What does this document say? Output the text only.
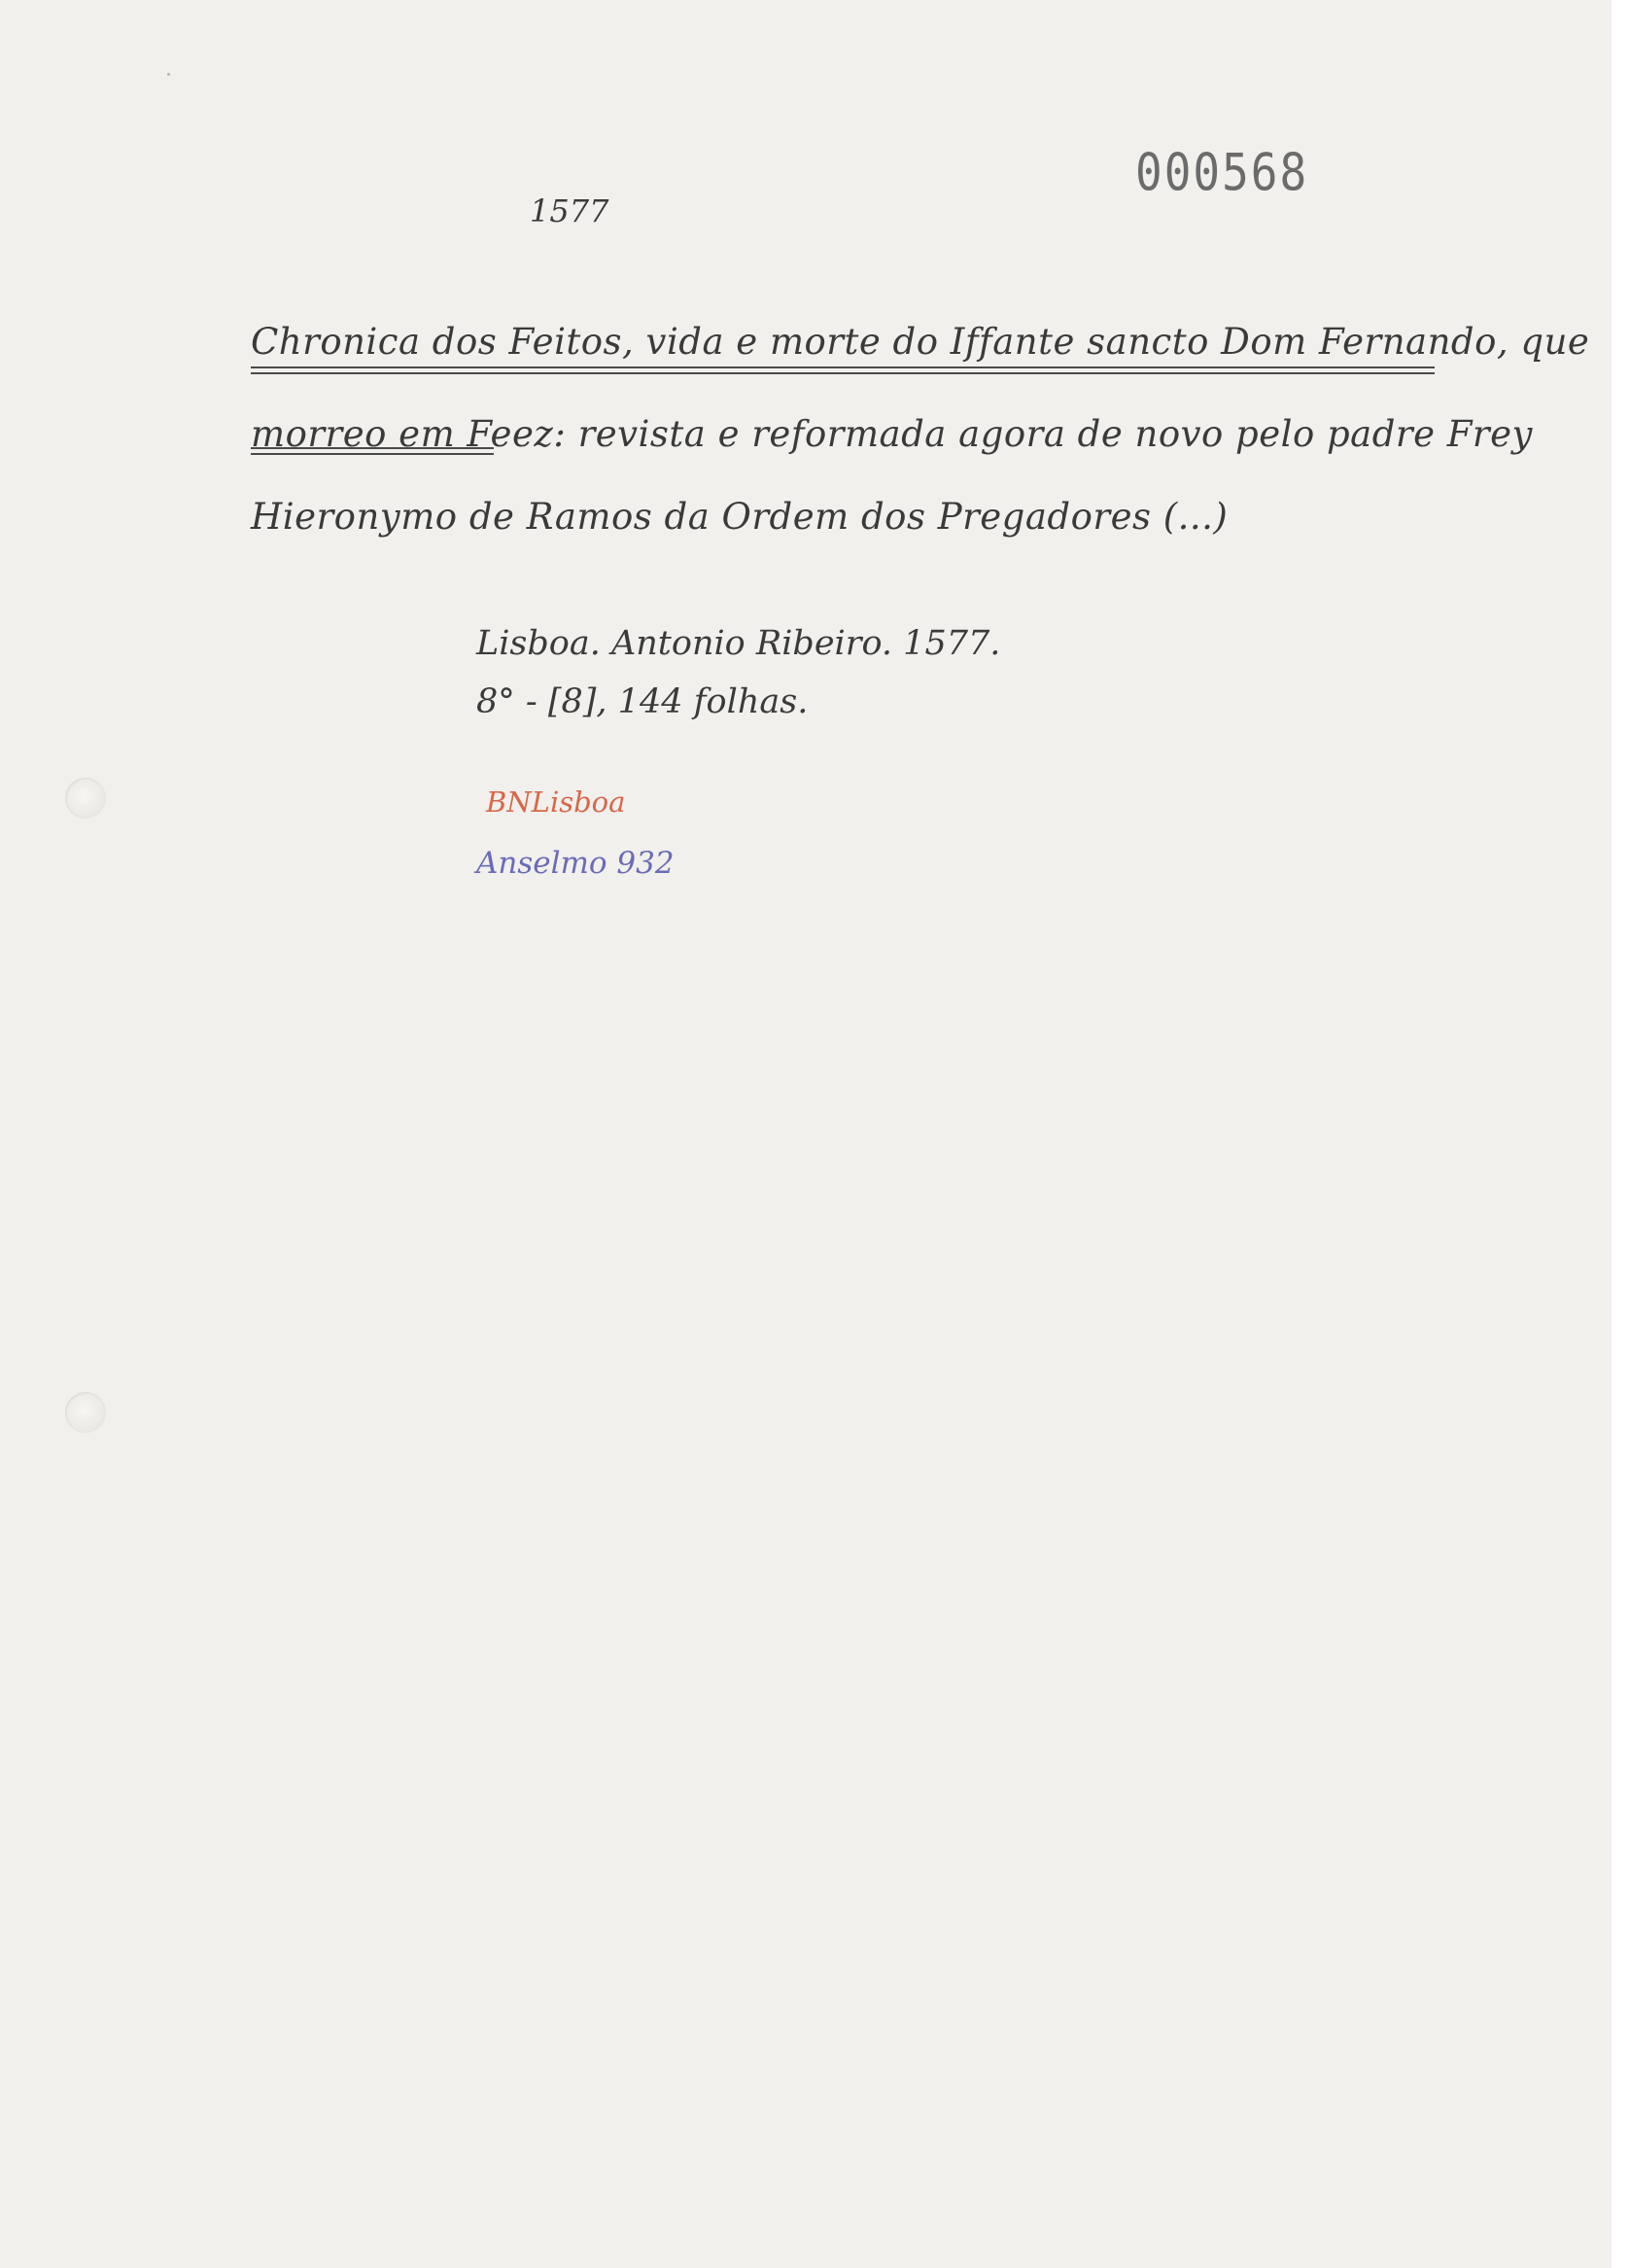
1577
000568
Chronica dos Feitos, vida e morte do Iffante sancto Dom Fernando, que
morreo em Feez: revista e reformada agora de novo pelo padre Frey
Hieronymo de Ramos da Ordem dos Pregadores (...)
Lisboa. Antonio Ribeiro. 1577.
8° - [8], 144 folhas.
BNLisboa
Anselmo 932
